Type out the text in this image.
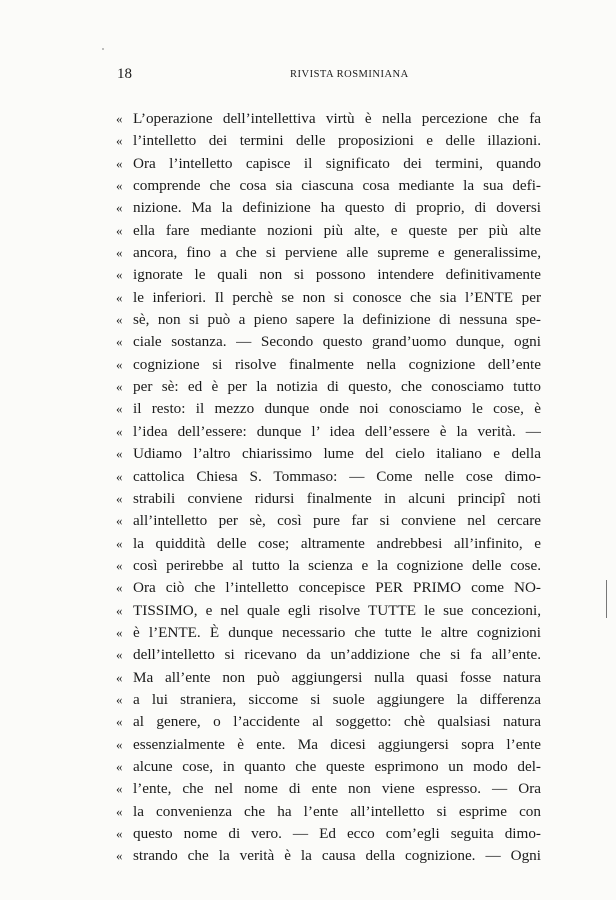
18	RIVISTA ROSMINIANA
« L’operazione dell’intellettiva virtù è nella percezione che fa
« l’intelletto dei termini delle proposizioni e delle illazioni.
« Ora l’intelletto capisce il significato dei termini, quando
« comprende che cosa sia ciascuna cosa mediante la sua defi-
« nizione. Ma la definizione ha questo di proprio, di doversi
« ella fare mediante nozioni più alte, e queste per più alte
« ancora, fino a che si perviene alle supreme e generalissime,
« ignorate le quali non si possono intendere definitivamente
« le inferiori. Il perchè se non si conosce che sia l’ENTE per
« sè, non si può a pieno sapere la definizione di nessuna spe-
« ciale sostanza. — Secondo questo grand’uomo dunque, ogni
« cognizione si risolve finalmente nella cognizione dell’ente
« per sè: ed è per la notizia di questo, che conosciamo tutto
« il resto: il mezzo dunque onde noi conosciamo le cose, è
« l’idea dell’essere: dunque l’ idea dell’essere è la verità. —
« Udiamo l’altro chiarissimo lume del cielo italiano e della
« cattolica Chiesa S. Tommaso: — Come nelle cose dimo-
« strabili conviene ridursi finalmente in alcuni principî noti
« all’intelletto per sè, così pure far si conviene nel cercare
« la quiddità delle cose; altramente andrebbesi all’infinito, e
« così perirebbe al tutto la scienza e la cognizione delle cose.
« Ora ciò che l’intelletto concepisce PER PRIMO come NO-
« TISSIMO, e nel quale egli risolve TUTTE le sue concezioni,
« è l’ENTE. È dunque necessario che tutte le altre cognizioni
« dell’intelletto si ricevano da un’addizione che si fa all’ente.
« Ma all’ente non può aggiungersi nulla quasi fosse natura
« a lui straniera, siccome si suole aggiungere la differenza
« al genere, o l’accidente al soggetto: chè qualsiasi natura
« essenzialmente è ente. Ma dicesi aggiungersi sopra l’ente
« alcune cose, in quanto che queste esprimono un modo del-
« l’ente, che nel nome di ente non viene espresso. — Ora
« la convenienza che ha l’ente all’intelletto si esprime con
« questo nome di vero. — Ed ecco com’egli seguita dimo-
« strando che la verità è la causa della cognizione. — Ogni
